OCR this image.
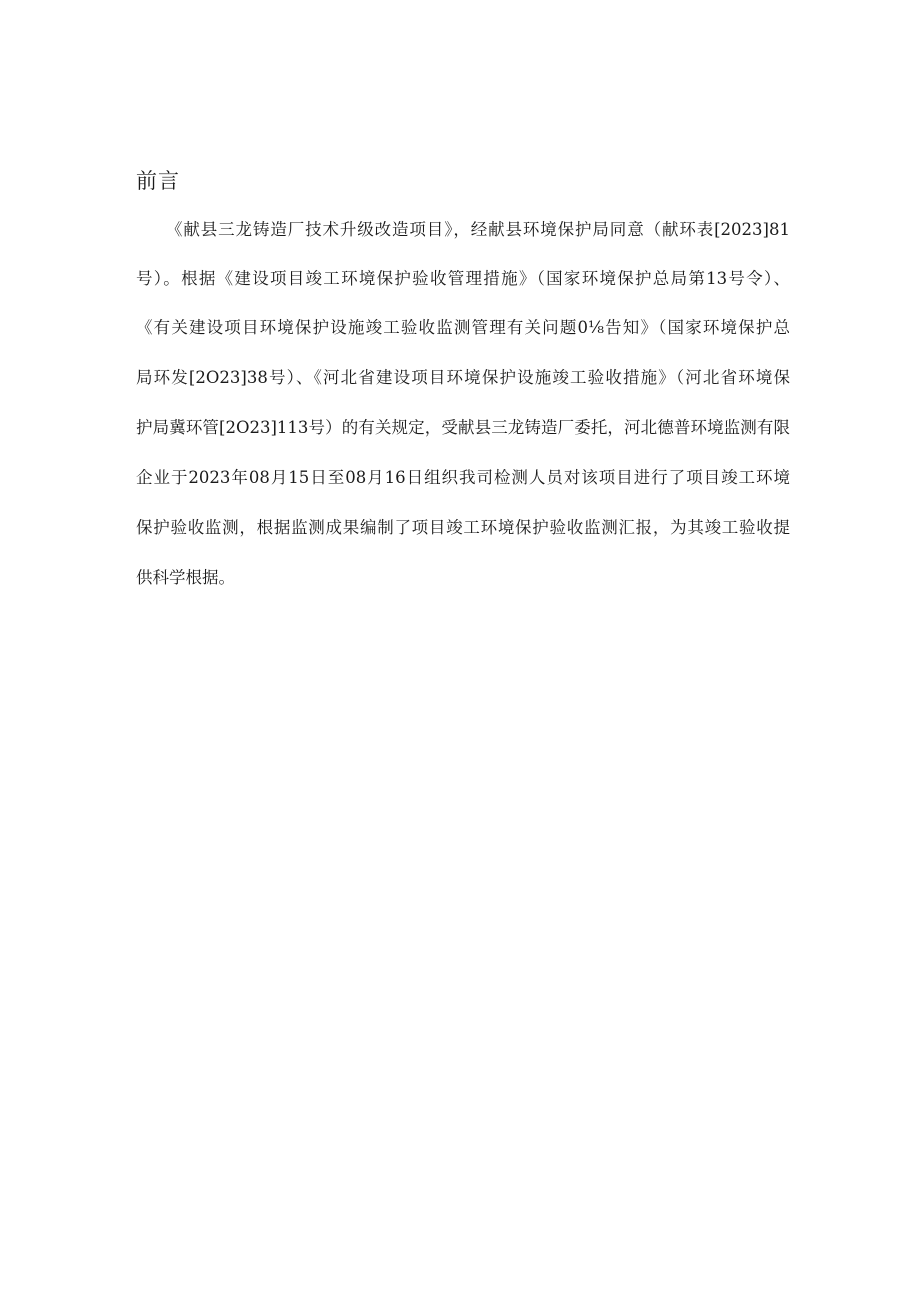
前言

《献县三龙铸造厂技术升级改造项目》，经献县环境保护局同意（献环表[2023]81

号）。根据《建设项目竣工环境保护验收管理措施》（国家环境保护总局第13号令）、

《有关建设项目环境保护设施竣工验收监测管理有关问题0⅛告知》（国家环境保护总

局环发[2O23]38号）、《河北省建设项目环境保护设施竣工验收措施》（河北省环境保

护局冀环管[2O23]113号）的有关规定，受献县三龙铸造厂委托，河北德普环境监测有限

企业于2023年08月15日至08月16日组织我司检测人员对该项目进行了项目竣工环境

保护验收监测，根据监测成果编制了项目竣工环境保护验收监测汇报，为其竣工验收提

供科学根据。
